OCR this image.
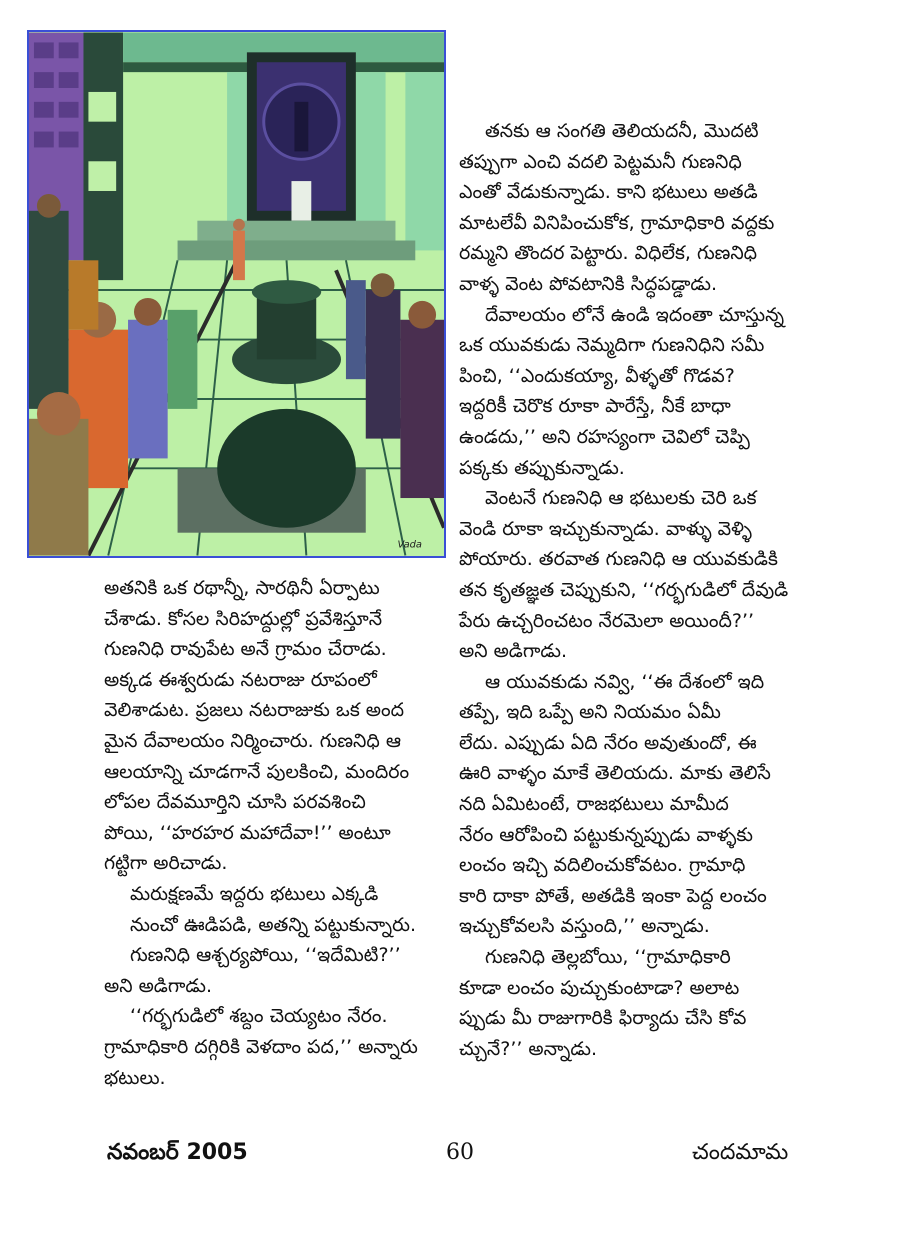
Vada

అతనికి ఒక రథాన్నీ, సారథినీ ఏర్పాటు

చేశాడు. కోసల సిరిహద్దుల్లో ప్రవేశిస్తూనే

గుణనిధి రావుపేట అనే గ్రామం చేరాడు.

అక్కడ ఈశ్వరుడు నటరాజు రూపంలో

వెలిశాడుట. ప్రజలు నటరాజుకు ఒక అంద

మైన దేవాలయం నిర్మించారు. గుణనిధి ఆ

ఆలయాన్ని చూడగానే పులకించి, మందిరం

లోపల దేవమూర్తిని చూసి పరవశించి

పోయి, ‘‘హరహర మహాదేవా!’’ అంటూ

గట్టిగా అరిచాడు.

మరుక్షణమే ఇద్దరు భటులు ఎక్కడి

నుంచో ఊడిపడి, అతన్ని పట్టుకున్నారు.

గుణనిధి ఆశ్చర్యపోయి, ‘‘ఇదేమిటి?’’

అని అడిగాడు.

‘‘గర్భగుడిలో శబ్దం చెయ్యటం నేరం.

గ్రామాధికారి దగ్గిరికి వెళదాం పద,’’ అన్నారు

భటులు.

తనకు ఆ సంగతి తెలియదనీ, మొదటి

తప్పుగా ఎంచి వదలి పెట్టమనీ గుణనిధి

ఎంతో వేడుకున్నాడు. కాని భటులు అతడి

మాటలేవీ వినిపించుకోక, గ్రామాధికారి వద్దకు

రమ్మని తొందర పెట్టారు. విధిలేక, గుణనిధి

వాళ్ళ వెంట పోవటానికి సిద్ధపడ్డాడు.

దేవాలయం లోనే ఉండి ఇదంతా చూస్తున్న

ఒక యువకుడు నెమ్మదిగా గుణనిధిని సమీ

పించి, ‘‘ఎందుకయ్యా, వీళ్ళతో గొడవ?

ఇద్దరికీ చెరొక రూకా పారేస్తే, నీకే బాధా

ఉండదు,’’ అని రహస్యంగా చెవిలో చెప్పి

పక్కకు తప్పుకున్నాడు.

వెంటనే గుణనిధి ఆ భటులకు చెరి ఒక

వెండి రూకా ఇచ్చుకున్నాడు. వాళ్ళు వెళ్ళి

పోయారు. తరవాత గుణనిధి ఆ యువకుడికి

తన కృతజ్ఞత చెప్పుకుని, ‘‘గర్భగుడిలో దేవుడి

పేరు ఉచ్చరించటం నేరమెలా అయిందీ?’’

అని అడిగాడు.

ఆ యువకుడు నవ్వి, ‘‘ఈ దేశంలో ఇది

తప్పే, ఇది ఒప్పే అని నియమం ఏమీ

లేదు. ఎప్పుడు ఏది నేరం అవుతుందో, ఈ

ఊరి వాళ్ళం మాకే తెలియదు. మాకు తెలిసే

నది ఏమిటంటే, రాజభటులు మామీద

నేరం ఆరోపించి పట్టుకున్నప్పుడు వాళ్ళకు

లంచం ఇచ్చి వదిలించుకోవటం. గ్రామాధి

కారి దాకా పోతే, అతడికి ఇంకా పెద్ద లంచం

ఇచ్చుకోవలసి వస్తుంది,’’ అన్నాడు.

గుణనిధి తెల్లబోయి, ‘‘గ్రామాధికారి

కూడా లంచం పుచ్చుకుంటాడా? అలాట

ప్పుడు మీ రాజుగారికి ఫిర్యాదు చేసి కోవ

చ్చునే?’’ అన్నాడు.

నవంబర్ 2005	60	చందమామ
